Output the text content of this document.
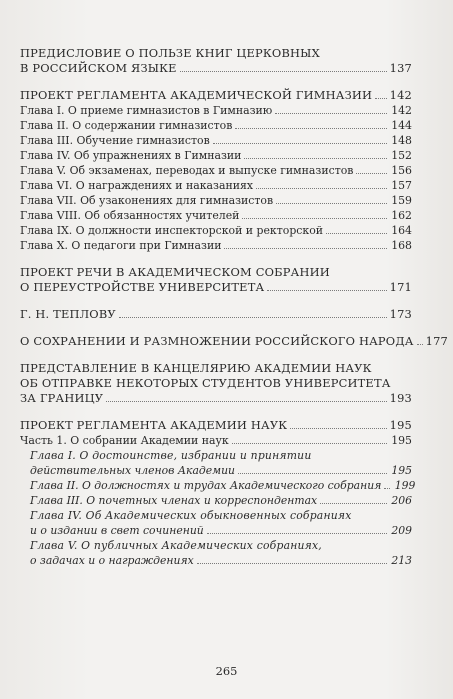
ПРЕДИСЛОВИЕ О ПОЛЬЗЕ КНИГ ЦЕРКОВНЫХ
В РОССИЙСКОМ ЯЗЫКЕ	137
ПРОЕКТ РЕГЛАМЕНТА АКАДЕМИЧЕСКОЙ ГИМНАЗИИ 142
Глава I. О приеме гимназистов в Гимназию	142
Глава II. О содержании гимназистов	144
Глава III. Обучение гимназистов	148
Глава IV. Об упражнениях в Гимназии	152
Глава V. Об экзаменах, переводах и выпуске гимназистов	156
Глава VI. О награждениях и наказаниях	157
Глава VII. Об узаконениях для гимназистов	159
Глава VIII. Об обязанностях учителей	162
Глава IX. О должности инспекторской и ректорской	164
Глава X. О педагоги при Гимназии	168
ПРОЕКТ РЕЧИ В АКАДЕМИЧЕСКОМ СОБРАНИИ
О ПЕРЕУСТРОЙСТВЕ УНИВЕРСИТЕТА	171
Г. Н. ТЕПЛОВУ	173
О СОХРАНЕНИИ И РАЗМНОЖЕНИИ РОССИЙСКОГО НАРОДА 177
ПРЕДСТАВЛЕНИЕ В КАНЦЕЛЯРИЮ АКАДЕМИИ НАУК
ОБ ОТПРАВКЕ НЕКОТОРЫХ СТУДЕНТОВ УНИВЕРСИТЕТА
ЗА ГРАНИЦУ	193
ПРОЕКТ РЕГЛАМЕНТА АКАДЕМИИ НАУК	195
Часть 1. О собрании Академии наук	195
Глава I. О достоинстве, избрании и принятии
действительных членов Академии	195
Глава II. О должностях и трудах Академического собрания 199
Глава III. О почетных членах и корреспондентах	206
Глава IV. Об Академических обыкновенных собраниях
и о издании в свет сочинений	209
Глава V. О публичных Академических собраниях,
о задачах и о награждениях	213
265
